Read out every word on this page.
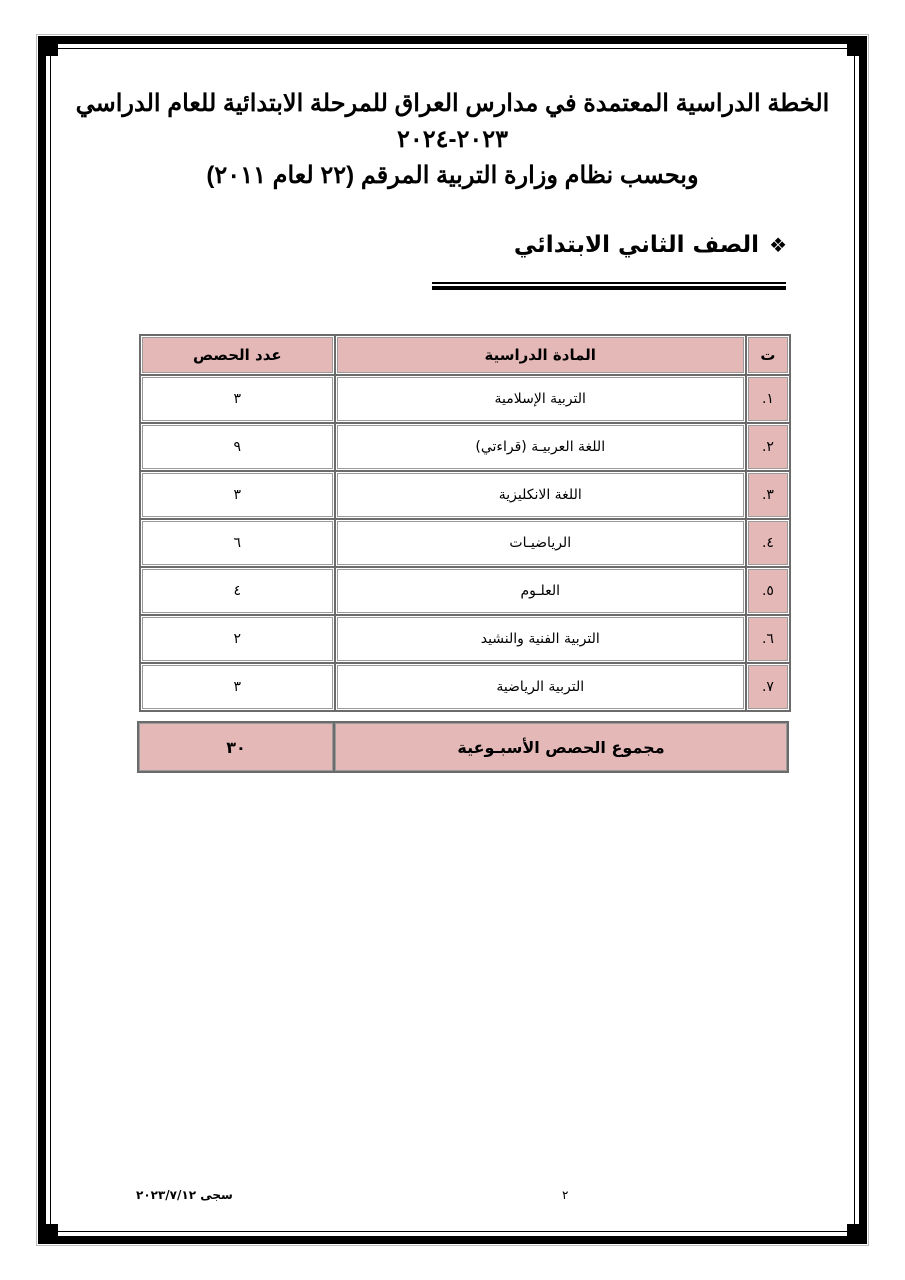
الخطة الدراسية المعتمدة في مدارس العراق للمرحلة الابتدائية للعام الدراسي
٢٠٢٣-٢٠٢٤
وبحسب نظام وزارة التربية المرقم (٢٢ لعام ٢٠١١)
❖
الصف الثاني الابتدائي
ت	المادة الدراسية	عدد الحصص
١.	التربية الإسلامية	٣
٢.	اللغة العربيـة (قراءتي)	٩
٣.	اللغة الانكليزية	٣
٤.	الرياضيـات	٦
٥.	العلـوم	٤
٦.	التربية الفنية والنشيد	٢
٧.	التربية الرياضية	٣
مجموع الحصص الأسبـوعية	٣٠
سجى ٢٠٢٣/٧/١٢	٢
